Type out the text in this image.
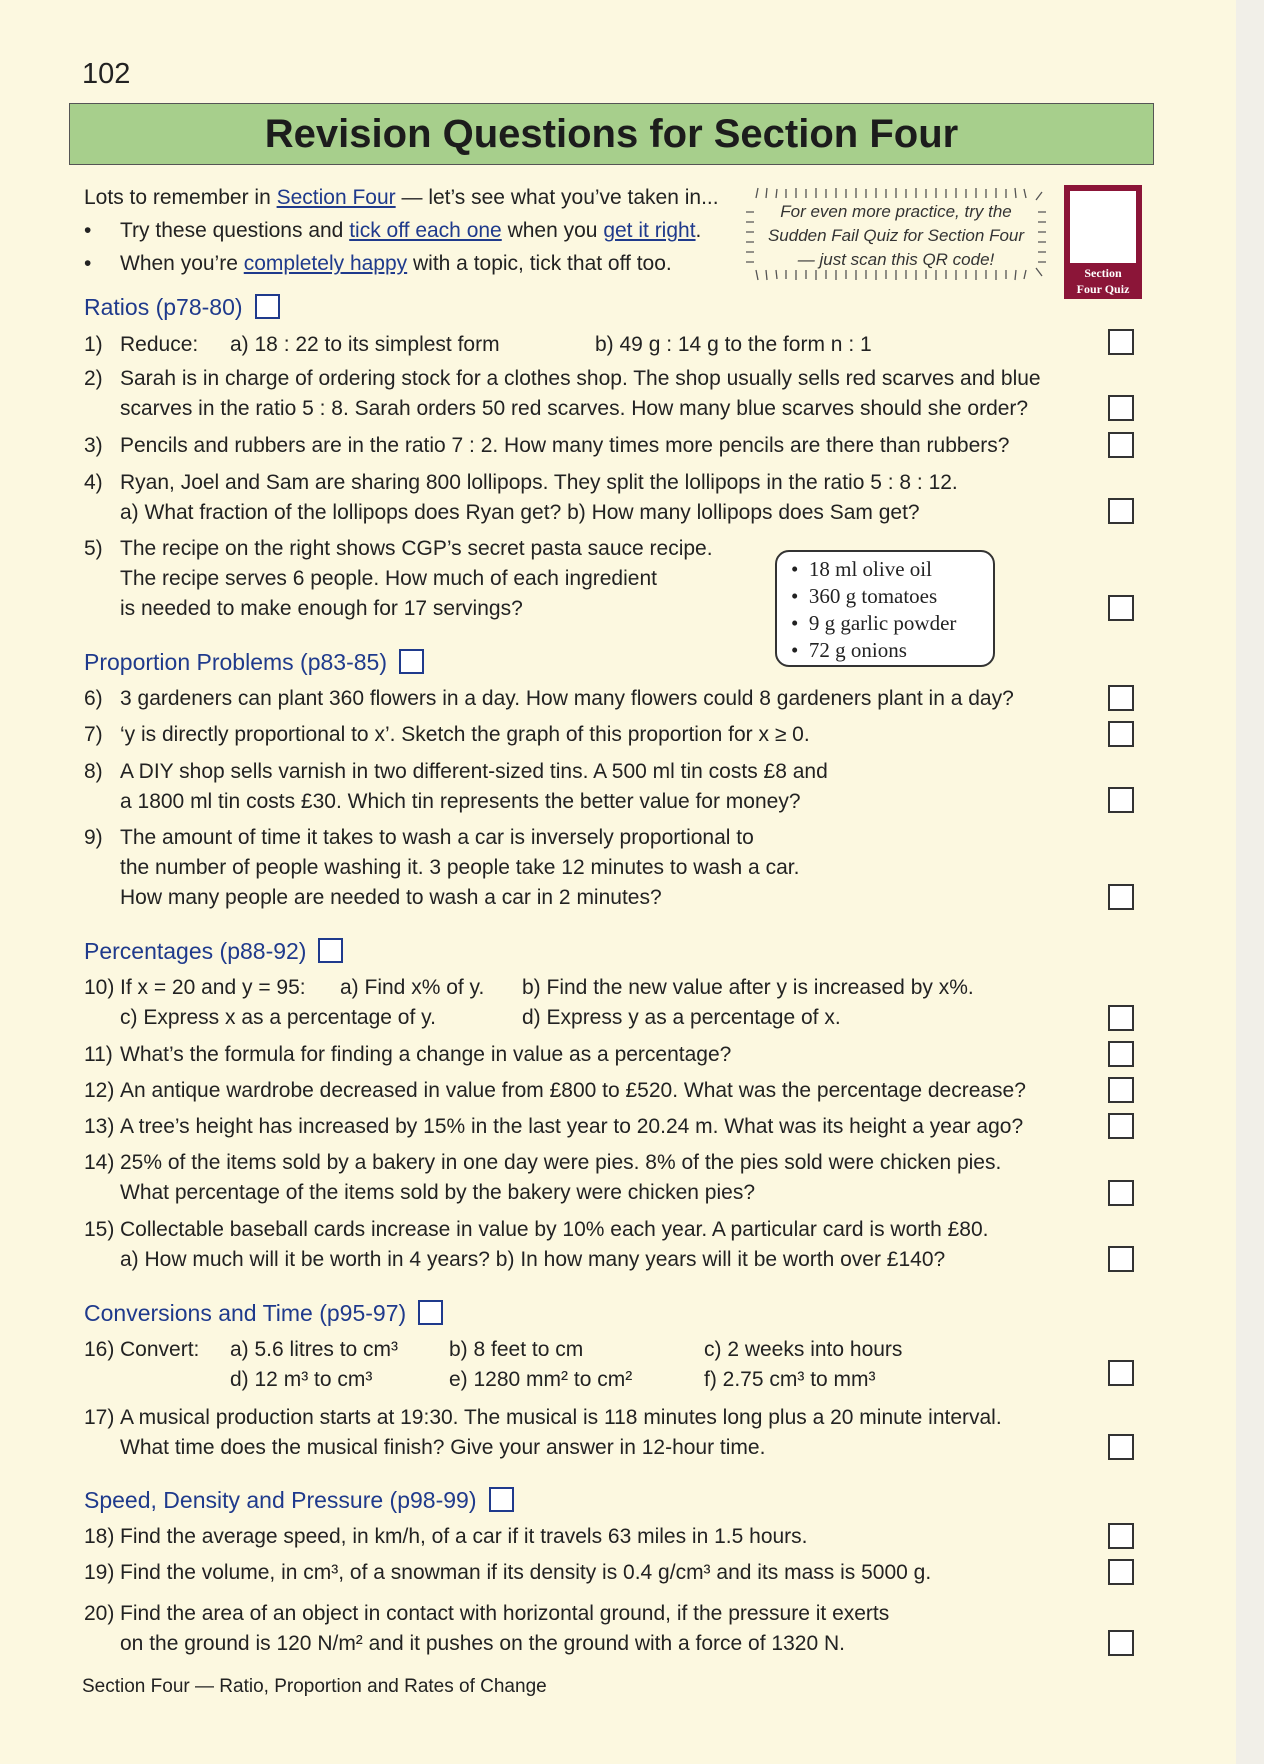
102
Revision Questions for Section Four
Lots to remember in Section Four — let’s see what you’ve taken in...
• Try these questions and tick off each one when you get it right.
• When you’re completely happy with a topic, tick that off too.
For even more practice, try the
Sudden Fail Quiz for Section Four
— just scan this QR code!
Section
Four Quiz
Ratios (p78-80)
1) Reduce: a) 18 : 22 to its simplest form	b) 49 g : 14 g to the form n : 1
2) Sarah is in charge of ordering stock for a clothes shop. The shop usually sells red scarves and blue
scarves in the ratio 5 : 8. Sarah orders 50 red scarves. How many blue scarves should she order?
3) Pencils and rubbers are in the ratio 7 : 2. How many times more pencils are there than rubbers?
4) Ryan, Joel and Sam are sharing 800 lollipops. They split the lollipops in the ratio 5 : 8 : 12.
a) What fraction of the lollipops does Ryan get? b) How many lollipops does Sam get?
5) The recipe on the right shows CGP’s secret pasta sauce recipe.
The recipe serves 6 people. How much of each ingredient
is needed to make enough for 17 servings?
•  18 ml olive oil
•  360 g tomatoes
•  9 g garlic powder
•  72 g onions
Proportion Problems (p83-85)
6) 3 gardeners can plant 360 flowers in a day. How many flowers could 8 gardeners plant in a day?
7) ‘y is directly proportional to x’. Sketch the graph of this proportion for x ≥ 0.
8) A DIY shop sells varnish in two different-sized tins. A 500 ml tin costs £8 and
a 1800 ml tin costs £30. Which tin represents the better value for money?
9) The amount of time it takes to wash a car is inversely proportional to
the number of people washing it. 3 people take 12 minutes to wash a car.
How many people are needed to wash a car in 2 minutes?
Percentages (p88-92)
10) If x = 20 and y = 95: a) Find x% of y. b) Find the new value after y is increased by x%.
c) Express x as a percentage of y.	d) Express y as a percentage of x.
11) What’s the formula for finding a change in value as a percentage?
12) An antique wardrobe decreased in value from £800 to £520. What was the percentage decrease?
13) A tree’s height has increased by 15% in the last year to 20.24 m. What was its height a year ago?
14) 25% of the items sold by a bakery in one day were pies. 8% of the pies sold were chicken pies.
What percentage of the items sold by the bakery were chicken pies?
15) Collectable baseball cards increase in value by 10% each year. A particular card is worth £80.
a) How much will it be worth in 4 years? b) In how many years will it be worth over £140?
Conversions and Time (p95-97)
16) Convert: a) 5.6 litres to cm³ b) 8 feet to cm	c) 2 weeks into hours
d) 12 m³ to cm³	e) 1280 mm² to cm²	f) 2.75 cm³ to mm³
17) A musical production starts at 19:30. The musical is 118 minutes long plus a 20 minute interval.
What time does the musical finish? Give your answer in 12-hour time.
Speed, Density and Pressure (p98-99)
18) Find the average speed, in km/h, of a car if it travels 63 miles in 1.5 hours.
19) Find the volume, in cm³, of a snowman if its density is 0.4 g/cm³ and its mass is 5000 g.
20) Find the area of an object in contact with horizontal ground, if the pressure it exerts
on the ground is 120 N/m² and it pushes on the ground with a force of 1320 N.
Section Four — Ratio, Proportion and Rates of Change
